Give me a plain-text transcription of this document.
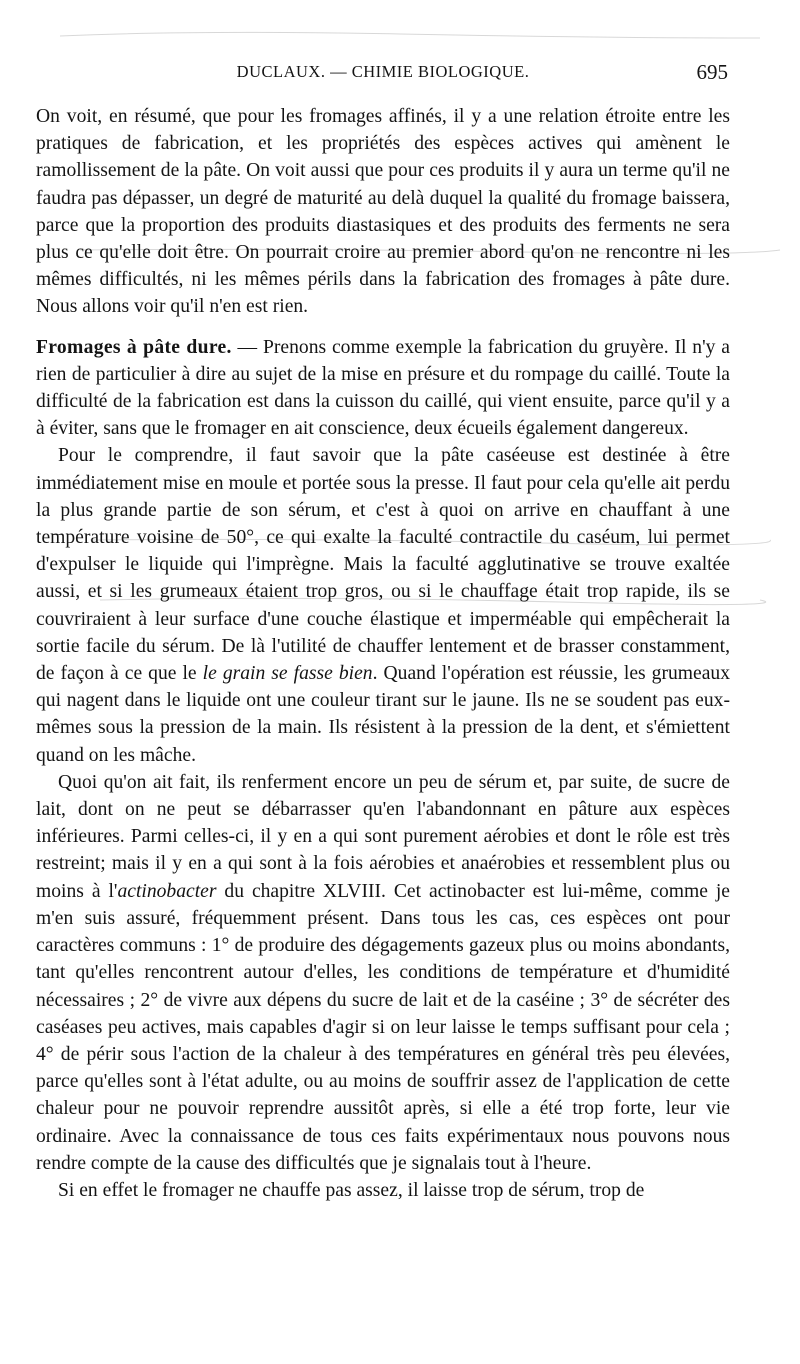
DUCLAUX. — CHIMIE BIOLOGIQUE.	695

On voit, en résumé, que pour les fromages affinés, il y a une relation étroite entre les pratiques de fabrication, et les propriétés des espèces actives qui amènent le ramollissement de la pâte. On voit aussi que pour ces produits il y aura un terme qu'il ne faudra pas dépasser, un degré de maturité au delà duquel la qualité du fromage baissera, parce que la proportion des produits diastasiques et des produits des ferments ne sera plus ce qu'elle doit être. On pourrait croire au premier abord qu'on ne rencontre ni les mêmes difficultés, ni les mêmes périls dans la fabrication des fromages à pâte dure. Nous allons voir qu'il n'en est rien.

Fromages à pâte dure. — Prenons comme exemple la fabrication du gruyère. Il n'y a rien de particulier à dire au sujet de la mise en présure et du rompage du caillé. Toute la difficulté de la fabrication est dans la cuisson du caillé, qui vient ensuite, parce qu'il y a à éviter, sans que le fromager en ait conscience, deux écueils également dangereux.

Pour le comprendre, il faut savoir que la pâte caséeuse est destinée à être immédiatement mise en moule et portée sous la presse. Il faut pour cela qu'elle ait perdu la plus grande partie de son sérum, et c'est à quoi on arrive en chauffant à une température voisine de 50°, ce qui exalte la faculté contractile du caséum, lui permet d'expulser le liquide qui l'imprègne. Mais la faculté agglutinative se trouve exaltée aussi, et si les grumeaux étaient trop gros, ou si le chauffage était trop rapide, ils se couvriraient à leur surface d'une couche élastique et imperméable qui empêcherait la sortie facile du sérum. De là l'utilité de chauffer lentement et de brasser constamment, de façon à ce que le le grain se fasse bien. Quand l'opération est réussie, les grumeaux qui nagent dans le liquide ont une couleur tirant sur le jaune. Ils ne se soudent pas eux-mêmes sous la pression de la main. Ils résistent à la pression de la dent, et s'émiettent quand on les mâche.

Quoi qu'on ait fait, ils renferment encore un peu de sérum et, par suite, de sucre de lait, dont on ne peut se débarrasser qu'en l'abandonnant en pâture aux espèces inférieures. Parmi celles-ci, il y en a qui sont purement aérobies et dont le rôle est très restreint; mais il y en a qui sont à la fois aérobies et anaérobies et ressemblent plus ou moins à l'actinobacter du chapitre XLVIII. Cet actinobacter est lui-même, comme je m'en suis assuré, fréquemment présent. Dans tous les cas, ces espèces ont pour caractères communs : 1° de produire des dégagements gazeux plus ou moins abondants, tant qu'elles rencontrent autour d'elles, les conditions de température et d'humidité nécessaires ; 2° de vivre aux dépens du sucre de lait et de la caséine ; 3° de sécréter des caséases peu actives, mais capables d'agir si on leur laisse le temps suffisant pour cela ; 4° de périr sous l'action de la chaleur à des températures en général très peu élevées, parce qu'elles sont à l'état adulte, ou au moins de souffrir assez de l'application de cette chaleur pour ne pouvoir reprendre aussitôt après, si elle a été trop forte, leur vie ordinaire. Avec la connaissance de tous ces faits expérimentaux nous pouvons nous rendre compte de la cause des difficultés que je signalais tout à l'heure.

Si en effet le fromager ne chauffe pas assez, il laisse trop de sérum, trop de
